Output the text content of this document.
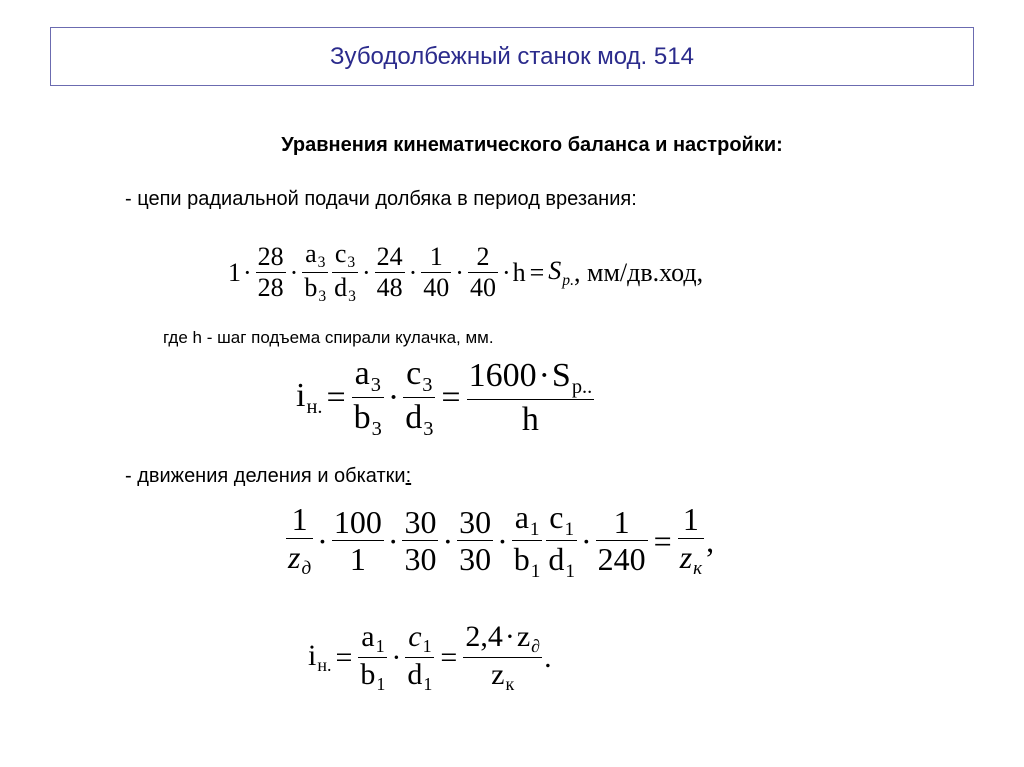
Зубодолбежный станок мод. 514
Уравнения кинематического баланса и настройки:
- цепи радиальной подачи долбяка в период врезания:
$1 \cdot \frac{28}{28} \cdot \frac{a_3}{b_3} \frac{c_3}{d_3} \cdot \frac{24}{48} \cdot \frac{1}{40} \cdot \frac{2}{40} \cdot h = S_{р.}$ , мм/дв.ход,
где h - шаг подъема спирали кулачка, мм.
$i_{н.} = \frac{a_3}{b_3} \cdot \frac{c_3}{d_3} = \frac{1600\cdot S_{р..}}{h}$
- движения деления и обкатки:
$\frac{1}{z_д} \cdot \frac{100}{1} \cdot \frac{30}{30} \cdot \frac{30}{30} \cdot \frac{a_1}{b_1} \frac{c_1}{d_1} \cdot \frac{1}{240} = \frac{1}{z_к}$ ,
$i_{н.} = \frac{a_1}{b_1} \cdot \frac{c_1}{d_1} = \frac{2,4\cdot z_\partial}{z_к}$ .
